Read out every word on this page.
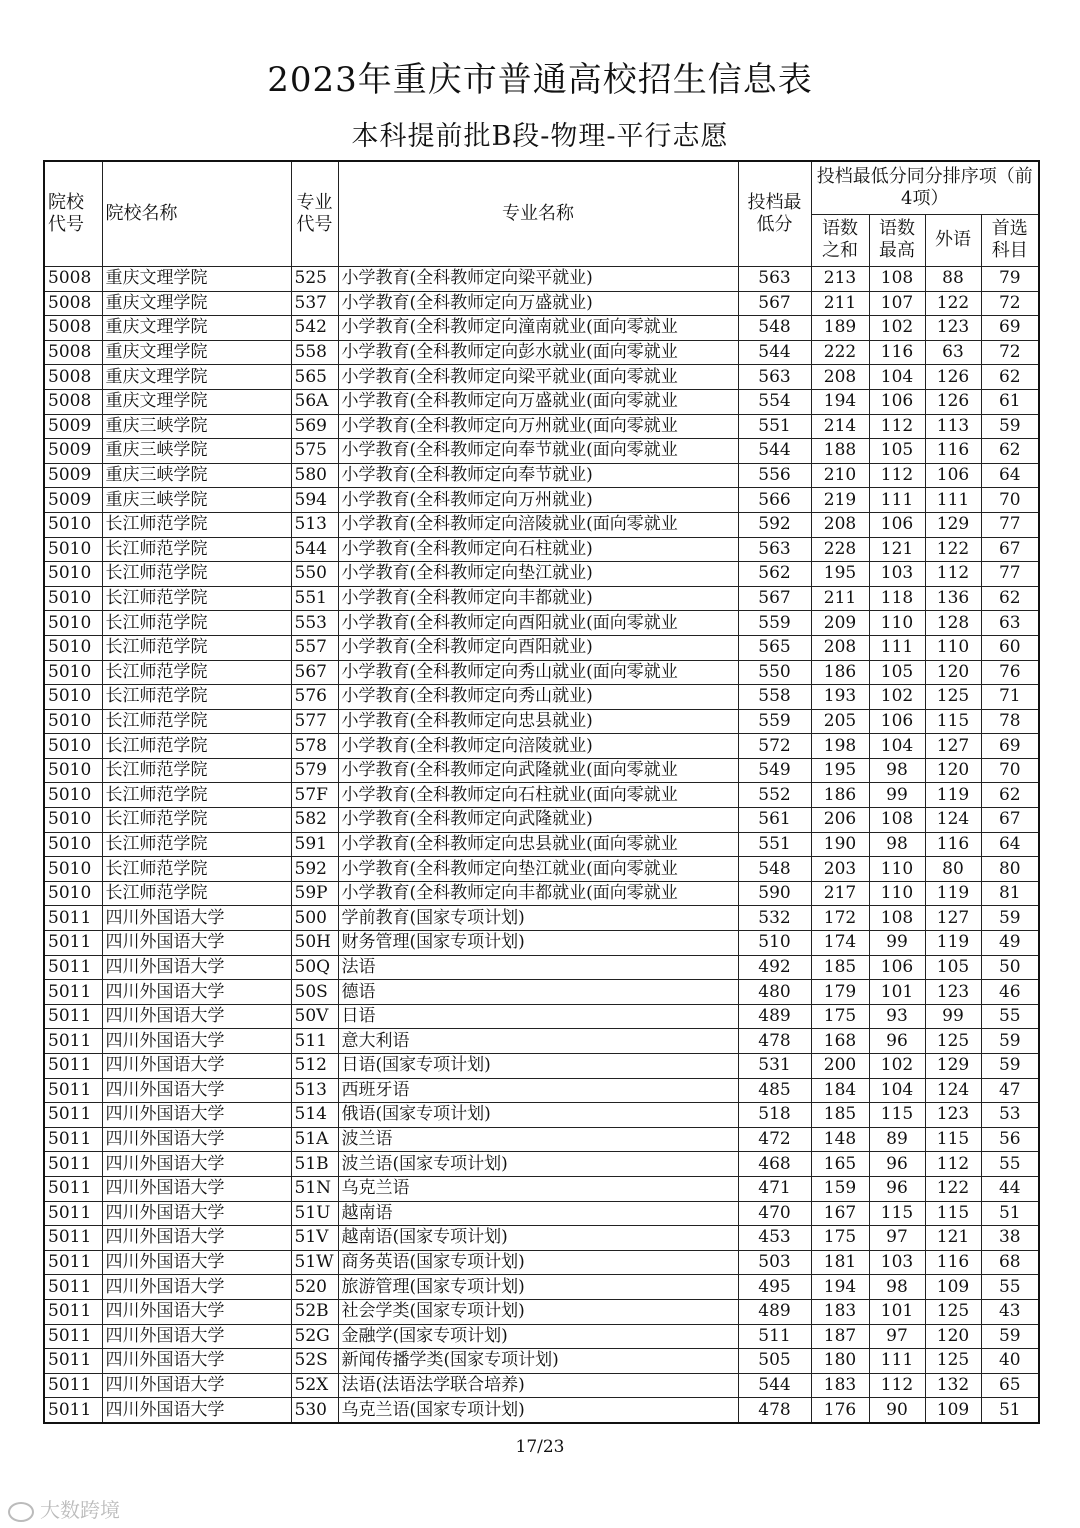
2023年重庆市普通高校招生信息表
本科提前批B段-物理-平行志愿
院校代号	院校名称	专业代号	专业名称	投档最低分	投档最低分同分排序项（前4项）			
					语数之和	语数最高	外语	首选科目
5008	重庆文理学院	525	小学教育(全科教师定向梁平就业)	563	213	108	88	79
5008	重庆文理学院	537	小学教育(全科教师定向万盛就业)	567	211	107	122	72
5008	重庆文理学院	542	小学教育(全科教师定向潼南就业(面向零就业	548	189	102	123	69
5008	重庆文理学院	558	小学教育(全科教师定向彭水就业(面向零就业	544	222	116	63	72
5008	重庆文理学院	565	小学教育(全科教师定向梁平就业(面向零就业	563	208	104	126	62
5008	重庆文理学院	56A	小学教育(全科教师定向万盛就业(面向零就业	554	194	106	126	61
5009	重庆三峡学院	569	小学教育(全科教师定向万州就业(面向零就业	551	214	112	113	59
5009	重庆三峡学院	575	小学教育(全科教师定向奉节就业(面向零就业	544	188	105	116	62
5009	重庆三峡学院	580	小学教育(全科教师定向奉节就业)	556	210	112	106	64
5009	重庆三峡学院	594	小学教育(全科教师定向万州就业)	566	219	111	111	70
5010	长江师范学院	513	小学教育(全科教师定向涪陵就业(面向零就业	592	208	106	129	77
5010	长江师范学院	544	小学教育(全科教师定向石柱就业)	563	228	121	122	67
5010	长江师范学院	550	小学教育(全科教师定向垫江就业)	562	195	103	112	77
5010	长江师范学院	551	小学教育(全科教师定向丰都就业)	567	211	118	136	62
5010	长江师范学院	553	小学教育(全科教师定向酉阳就业(面向零就业	559	209	110	128	63
5010	长江师范学院	557	小学教育(全科教师定向酉阳就业)	565	208	111	110	60
5010	长江师范学院	567	小学教育(全科教师定向秀山就业(面向零就业	550	186	105	120	76
5010	长江师范学院	576	小学教育(全科教师定向秀山就业)	558	193	102	125	71
5010	长江师范学院	577	小学教育(全科教师定向忠县就业)	559	205	106	115	78
5010	长江师范学院	578	小学教育(全科教师定向涪陵就业)	572	198	104	127	69
5010	长江师范学院	579	小学教育(全科教师定向武隆就业(面向零就业	549	195	98	120	70
5010	长江师范学院	57F	小学教育(全科教师定向石柱就业(面向零就业	552	186	99	119	62
5010	长江师范学院	582	小学教育(全科教师定向武隆就业)	561	206	108	124	67
5010	长江师范学院	591	小学教育(全科教师定向忠县就业(面向零就业	551	190	98	116	64
5010	长江师范学院	592	小学教育(全科教师定向垫江就业(面向零就业	548	203	110	80	80
5010	长江师范学院	59P	小学教育(全科教师定向丰都就业(面向零就业	590	217	110	119	81
5011	四川外国语大学	500	学前教育(国家专项计划)	532	172	108	127	59
5011	四川外国语大学	50H	财务管理(国家专项计划)	510	174	99	119	49
5011	四川外国语大学	50Q	法语	492	185	106	105	50
5011	四川外国语大学	50S	德语	480	179	101	123	46
5011	四川外国语大学	50V	日语	489	175	93	99	55
5011	四川外国语大学	511	意大利语	478	168	96	125	59
5011	四川外国语大学	512	日语(国家专项计划)	531	200	102	129	59
5011	四川外国语大学	513	西班牙语	485	184	104	124	47
5011	四川外国语大学	514	俄语(国家专项计划)	518	185	115	123	53
5011	四川外国语大学	51A	波兰语	472	148	89	115	56
5011	四川外国语大学	51B	波兰语(国家专项计划)	468	165	96	112	55
5011	四川外国语大学	51N	乌克兰语	471	159	96	122	44
5011	四川外国语大学	51U	越南语	470	167	115	115	51
5011	四川外国语大学	51V	越南语(国家专项计划)	453	175	97	121	38
5011	四川外国语大学	51W	商务英语(国家专项计划)	503	181	103	116	68
5011	四川外国语大学	520	旅游管理(国家专项计划)	495	194	98	109	55
5011	四川外国语大学	52B	社会学类(国家专项计划)	489	183	101	125	43
5011	四川外国语大学	52G	金融学(国家专项计划)	511	187	97	120	59
5011	四川外国语大学	52S	新闻传播学类(国家专项计划)	505	180	111	125	40
5011	四川外国语大学	52X	法语(法语法学联合培养)	544	183	112	132	65
5011	四川外国语大学	530	乌克兰语(国家专项计划)	478	176	90	109	51
17/23
大数跨境
